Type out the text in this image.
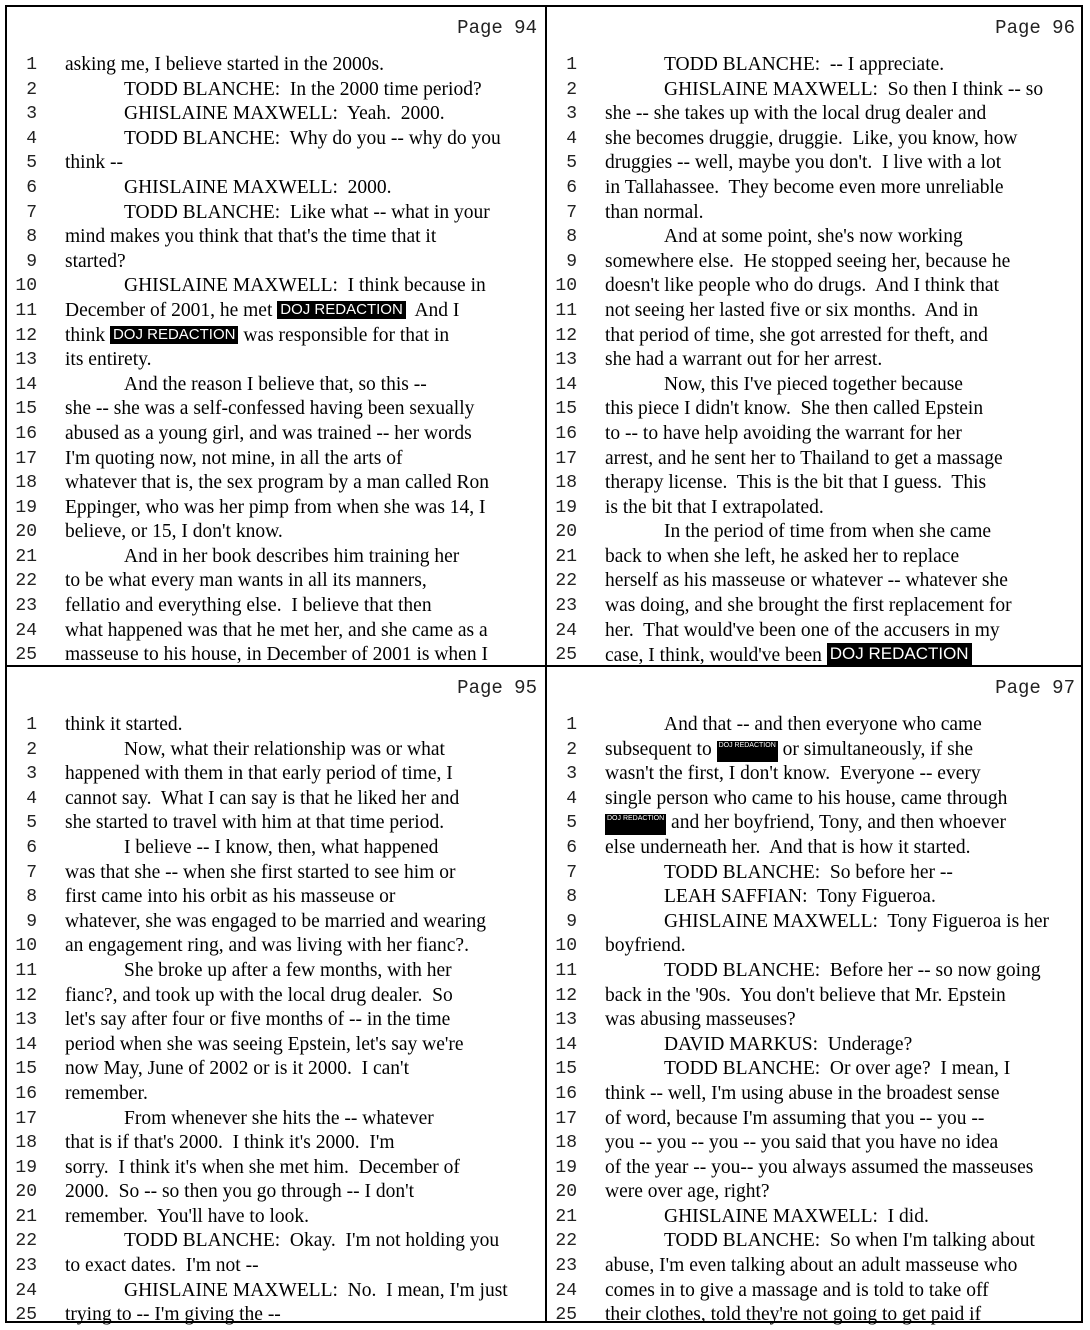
Page 94
1 asking me, I believe started in the 2000s.
2	TODD BLANCHE:  In the 2000 time period?
3	GHISLAINE MAXWELL:  Yeah.  2000.
4	TODD BLANCHE:  Why do you -- why do you
5 think --
6	GHISLAINE MAXWELL:  2000.
7	TODD BLANCHE:  Like what -- what in your
8 mind makes you think that that's the time that it
9 started?
10	GHISLAINE MAXWELL:  I think because in
11 December of 2001, he met DOJ REDACTION  And I
12 think DOJ REDACTION was responsible for that in
13 its entirety.
14	And the reason I believe that, so this --
15 she -- she was a self-confessed having been sexually
16 abused as a young girl, and was trained -- her words
17 I'm quoting now, not mine, in all the arts of
18 whatever that is, the sex program by a man called Ron
19 Eppinger, who was her pimp from when she was 14, I
20 believe, or 15, I don't know.
21	And in her book describes him training her
22 to be what every man wants in all its manners,
23 fellatio and everything else.  I believe that then
24 what happened was that he met her, and she came as a
25 masseuse to his house, in December of 2001 is when I
Page 96
1	TODD BLANCHE:  -- I appreciate.
2	GHISLAINE MAXWELL:  So then I think -- so
3 she -- she takes up with the local drug dealer and
4 she becomes druggie, druggie.  Like, you know, how
5 druggies -- well, maybe you don't.  I live with a lot
6 in Tallahassee.  They become even more unreliable
7 than normal.
8	And at some point, she's now working
9 somewhere else.  He stopped seeing her, because he
10 doesn't like people who do drugs.  And I think that
11 not seeing her lasted five or six months.  And in
12 that period of time, she got arrested for theft, and
13 she had a warrant out for her arrest.
14	Now, this I've pieced together because
15 this piece I didn't know.  She then called Epstein
16 to -- to have help avoiding the warrant for her
17 arrest, and he sent her to Thailand to get a massage
18 therapy license.  This is the bit that I guess.  This
19 is the bit that I extrapolated.
20	In the period of time from when she came
21 back to when she left, he asked her to replace
22 herself as his masseuse or whatever -- whatever she
23 was doing, and she brought the first replacement for
24 her.  That would've been one of the accusers in my
25 case, I think, would've been DOJ REDACTION
Page 95
1 think it started.
2	Now, what their relationship was or what
3 happened with them in that early period of time, I
4 cannot say.  What I can say is that he liked her and
5 she started to travel with him at that time period.
6	I believe -- I know, then, what happened
7 was that she -- when she first started to see him or
8 first came into his orbit as his masseuse or
9 whatever, she was engaged to be married and wearing
10 an engagement ring, and was living with her fianc?.
11	She broke up after a few months, with her
12 fianc?, and took up with the local drug dealer.  So
13 let's say after four or five months of -- in the time
14 period when she was seeing Epstein, let's say we're
15 now May, June of 2002 or is it 2000.  I can't
16 remember.
17	From whenever she hits the -- whatever
18 that is if that's 2000.  I think it's 2000.  I'm
19 sorry.  I think it's when she met him.  December of
20 2000.  So -- so then you go through -- I don't
21 remember.  You'll have to look.
22	TODD BLANCHE:  Okay.  I'm not holding you
23 to exact dates.  I'm not --
24	GHISLAINE MAXWELL:  No.  I mean, I'm just
25 trying to -- I'm giving the --
Page 97
1	And that -- and then everyone who came
2 subsequent to DOJ REDACTION or simultaneously, if she
3 wasn't the first, I don't know.  Everyone -- every
4 single person who came to his house, came through
5	DOJ REDACTION and her boyfriend, Tony, and then whoever
6 else underneath her.  And that is how it started.
7	TODD BLANCHE:  So before her --
8	LEAH SAFFIAN:  Tony Figueroa.
9	GHISLAINE MAXWELL:  Tony Figueroa is her
10 boyfriend.
11	TODD BLANCHE:  Before her -- so now going
12 back in the '90s.  You don't believe that Mr. Epstein
13 was abusing masseuses?
14	DAVID MARKUS:  Underage?
15	TODD BLANCHE:  Or over age?  I mean, I
16 think -- well, I'm using abuse in the broadest sense
17 of word, because I'm assuming that you -- you --
18 you -- you -- you -- you said that you have no idea
19 of the year -- you-- you always assumed the masseuses
20 were over age, right?
21	GHISLAINE MAXWELL:  I did.
22	TODD BLANCHE:  So when I'm talking about
23 abuse, I'm even talking about an adult masseuse who
24 comes in to give a massage and is told to take off
25 their clothes, told they're not going to get paid if
